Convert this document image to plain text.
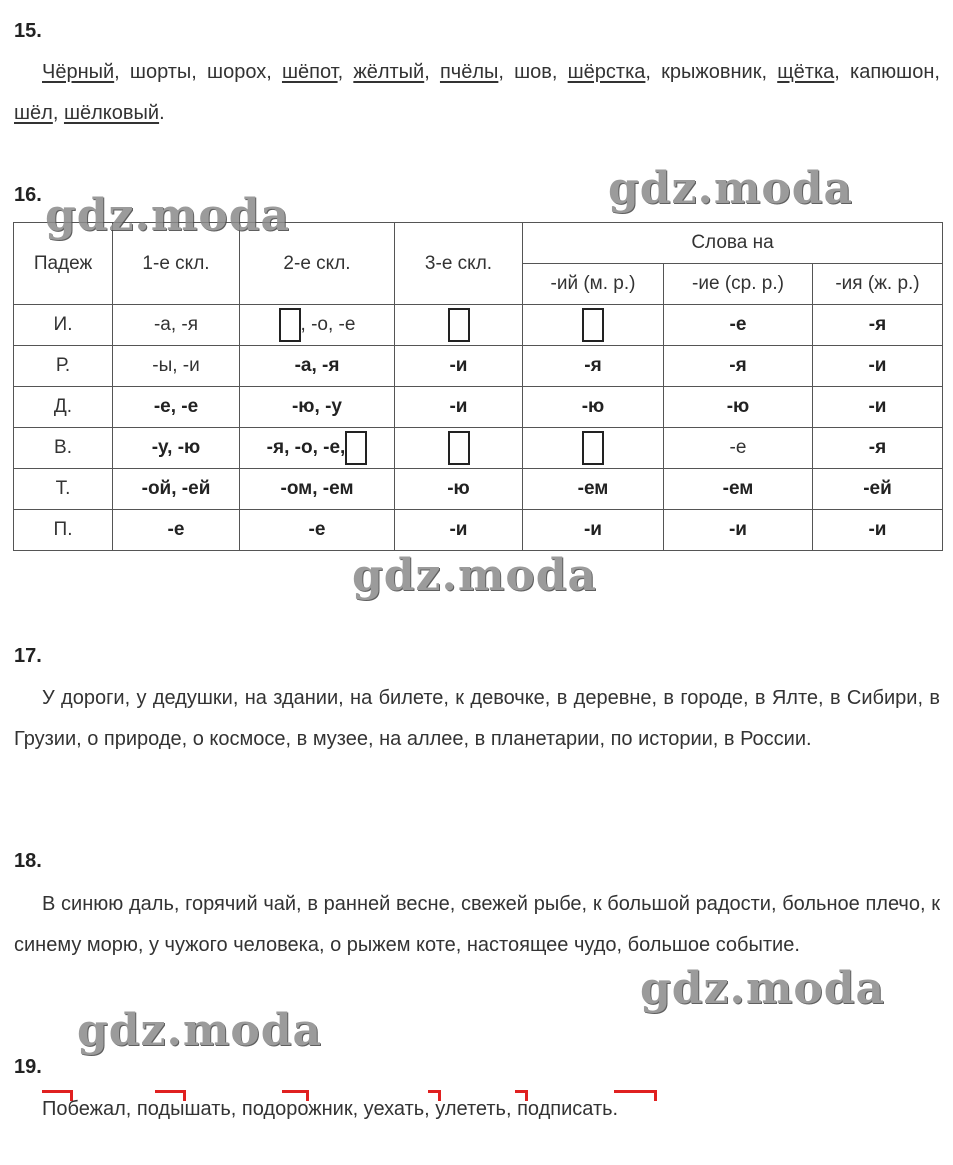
15.
Чёрный, шорты, шорох, шёпот, жёлтый, пчёлы, шов, шёрстка, крыжовник, щётка, капюшон, шёл, шёлковый.
16.
Падеж	1-е скл.	2-е скл.	3-е скл.	Слова на		
				-ий (м. р.)	-ие (ср. р.)	-ия (ж. р.)
И.	-а, -я	, -о, -е			-е	-я
Р.	-ы, -и	-а, -я	-и	-я	-я	-и
Д.	-е, -е	-ю, -у	-и	-ю	-ю	-и
В.	-у, -ю	-я, -о, -е,			-е	-я
Т.	-ой, -ей	-ом, -ем	-ю	-ем	-ем	-ей
П.	-е	-е	-и	-и	-и	-и
17.
У дороги, у дедушки, на здании, на билете, к девочке, в деревне, в городе, в Ялте, в Сибири, в Грузии, о природе, о космосе, в музее, на аллее, в планетарии, по истории, в России.
18.
В синюю даль, горячий чай, в ранней весне, свежей рыбе, к большой радости, больное плечо, к синему морю, у чужого человека, о рыжем коте, настоящее чудо, большое событие.
19.
Побежал, подышать, подорожник, уехать, улететь, подписать.
gdz.moda
gdz.moda
gdz.moda
gdz.moda
gdz.moda
